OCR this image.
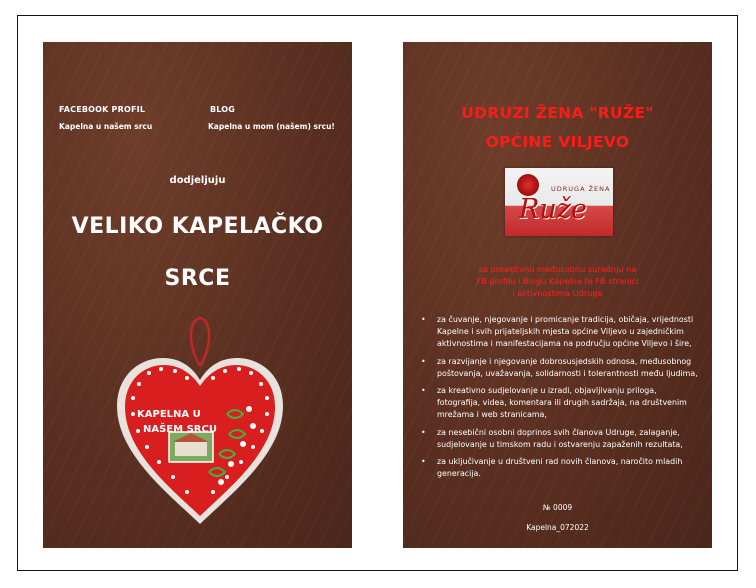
FACEBOOK PROFIL
Kapelna u našem srcu
BLOG
Kapelna u mom (našem) srcu!
dodjeljuju
VELIKO KAPELAČKO
SRCE
KAPELNA U
NAŠEM SRCU
UDRUZI ŽENA "RUŽE"
OPĆINE VILJEVO
UDRUGA ŽENA
Ruže
za proaktivnu međusobnu suradnju na
FB profilu i Blogu Kapelna te FB stranici
i aktivnostima Udruge
• za čuvanje, njegovanje i promicanje tradicija, običaja, vrijednosti Kapelne i svih prijateljskih mjesta općine Viljevo u zajedničkim aktivnostima i manifestacijama na području općine Viljevo i šire,
• za razvijanje i njegovanje dobrosusjedskih odnosa, međusobnog poštovanja, uvažavanja, solidarnosti i tolerantnosti među ljudima,
• za kreativno sudjelovanje u izradi, objavljivanju priloga, fotografija, videa, komentara ili drugih sadržaja, na društvenim mrežama i web stranicama,
• za nesebični osobni doprinos svih članova Udruge, zalaganje, sudjelovanje u timskom radu i ostvarenju zapaženih rezultata,
• za uključivanje u društveni rad novih članova, naročito mladih generacija.
№ 0009
Kapelna_072022
